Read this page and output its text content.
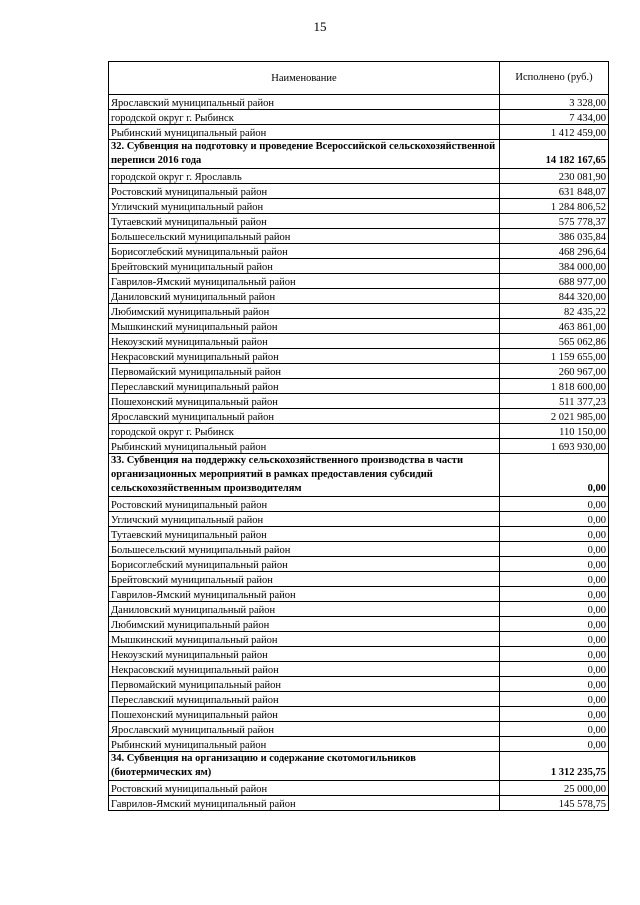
15
Наименование	Исполнено (руб.)
Ярославский муниципальный район	3 328,00
городской округ г. Рыбинск	7 434,00
Рыбинский муниципальный район	1 412 459,00
32. Субвенция на подготовку и проведение Всероссийской сельскохозяйственной переписи 2016 года	14 182 167,65
городской округ г. Ярославль	230 081,90
Ростовский муниципальный район	631 848,07
Угличский муниципальный район	1 284 806,52
Тутаевский муниципальный район	575 778,37
Большесельский муниципальный район	386 035,84
Борисоглебский муниципальный район	468 296,64
Брейтовский муниципальный район	384 000,00
Гаврилов-Ямский муниципальный район	688 977,00
Даниловский муниципальный район	844 320,00
Любимский муниципальный район	82 435,22
Мышкинский муниципальный район	463 861,00
Некоузский муниципальный район	565 062,86
Некрасовский муниципальный район	1 159 655,00
Первомайский муниципальный район	260 967,00
Переславский муниципальный район	1 818 600,00
Пошехонский муниципальный район	511 377,23
Ярославский муниципальный район	2 021 985,00
городской округ г. Рыбинск	110 150,00
Рыбинский муниципальный район	1 693 930,00
33. Субвенция на поддержку сельскохозяйственного производства в части организационных мероприятий в рамках предоставления субсидий сельскохозяйственным производителям	0,00
Ростовский муниципальный район	0,00
Угличский муниципальный район	0,00
Тутаевский муниципальный район	0,00
Большесельский муниципальный район	0,00
Борисоглебский муниципальный район	0,00
Брейтовский муниципальный район	0,00
Гаврилов-Ямский муниципальный район	0,00
Даниловский муниципальный район	0,00
Любимский муниципальный район	0,00
Мышкинский муниципальный район	0,00
Некоузский муниципальный район	0,00
Некрасовский муниципальный район	0,00
Первомайский муниципальный район	0,00
Переславский муниципальный район	0,00
Пошехонский муниципальный район	0,00
Ярославский муниципальный район	0,00
Рыбинский муниципальный район	0,00
34. Субвенция на организацию и содержание скотомогильников (биотермических ям)	1 312 235,75
Ростовский муниципальный район	25 000,00
Гаврилов-Ямский муниципальный район	145 578,75
